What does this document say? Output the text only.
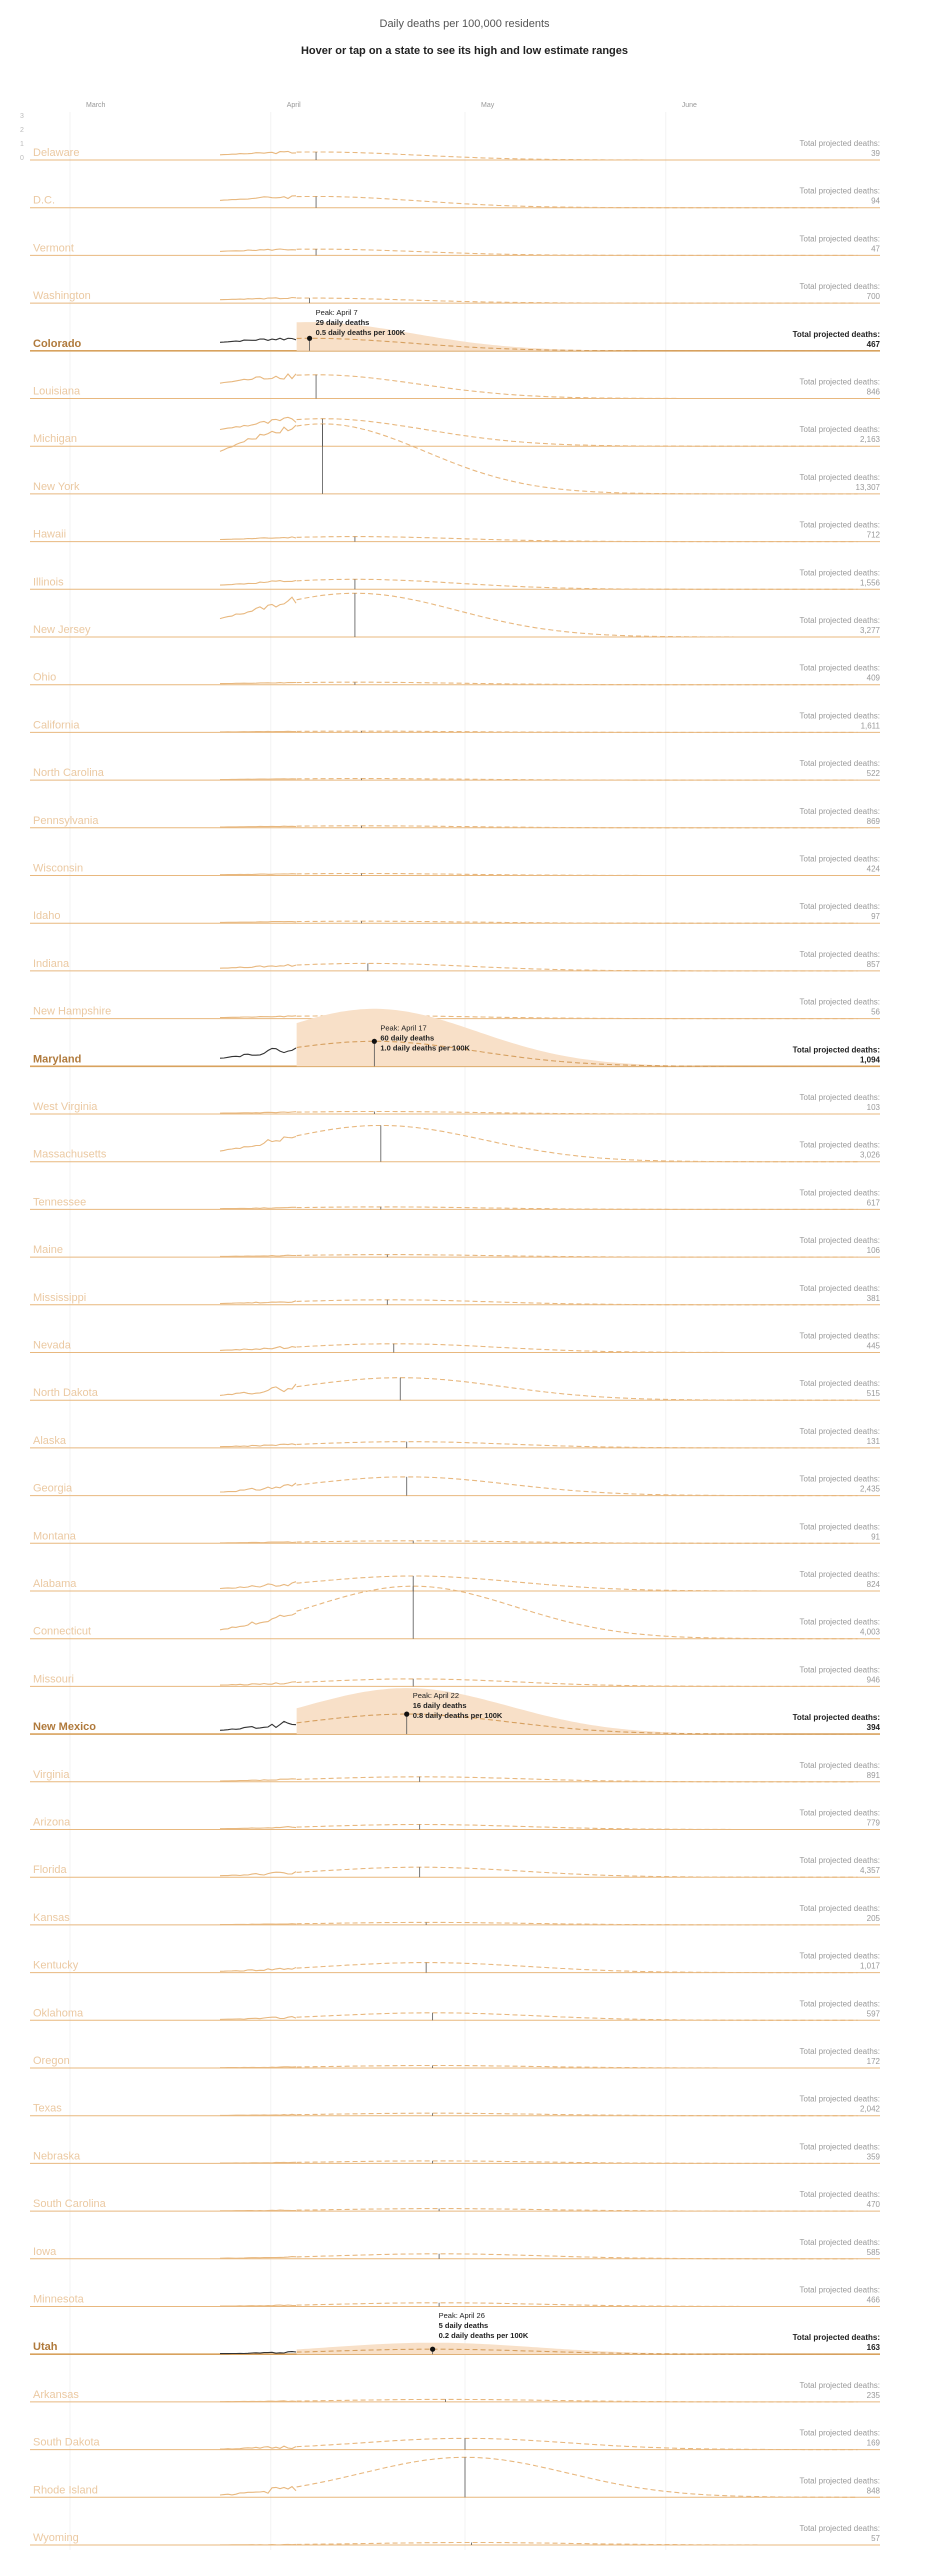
Daily deaths per 100,000 residents
Hover or tap on a state to see its high and low estimate ranges
March	April	May	June
3
2
1
0 Delaware
Total projected deaths:
39
D.C.
Total projected deaths:
94
Vermont
Total projected deaths:
47
Washington
Total projected deaths:
700
Colorado
Total projected deaths:
467
Peak: April 7
29 daily deaths
0.5 daily deaths per 100K
Louisiana
Total projected deaths:
846
Michigan
Total projected deaths:
2,163
New York
Total projected deaths:
13,307
Hawaii
Total projected deaths:
712
Illinois
Total projected deaths:
1,556
New Jersey
Total projected deaths:
3,277
Ohio
Total projected deaths:
409
California
Total projected deaths:
1,611
North Carolina
Total projected deaths:
522
Pennsylvania
Total projected deaths:
869
Wisconsin
Total projected deaths:
424
Idaho
Total projected deaths:
97
Indiana
Total projected deaths:
857
New Hampshire
Total projected deaths:
56
Maryland
Total projected deaths:
1,094
Peak: April 17
60 daily deaths
1.0 daily deaths per 100K
West Virginia
Total projected deaths:
103
Massachusetts
Total projected deaths:
3,026
Tennessee
Total projected deaths:
617
Maine
Total projected deaths:
106
Mississippi
Total projected deaths:
381
Nevada
Total projected deaths:
445
North Dakota
Total projected deaths:
515
Alaska
Total projected deaths:
131
Georgia
Total projected deaths:
2,435
Montana
Total projected deaths:
91
Alabama
Total projected deaths:
824
Connecticut
Total projected deaths:
4,003
Missouri
Total projected deaths:
946
New Mexico
Total projected deaths:
394
Peak: April 22
16 daily deaths
0.8 daily deaths per 100K
Virginia
Total projected deaths:
891
Arizona
Total projected deaths:
779
Florida
Total projected deaths:
4,357
Kansas
Total projected deaths:
205
Kentucky
Total projected deaths:
1,017
Oklahoma
Total projected deaths:
597
Oregon
Total projected deaths:
172
Texas
Total projected deaths:
2,042
Nebraska
Total projected deaths:
359
South Carolina
Total projected deaths:
470
Iowa
Total projected deaths:
585
Minnesota
Total projected deaths:
466
Utah
Total projected deaths:
163
Peak: April 26
5 daily deaths
0.2 daily deaths per 100K
Arkansas
Total projected deaths:
235
South Dakota
Total projected deaths:
169
Rhode Island
Total projected deaths:
848
Wyoming
Total projected deaths:
57
